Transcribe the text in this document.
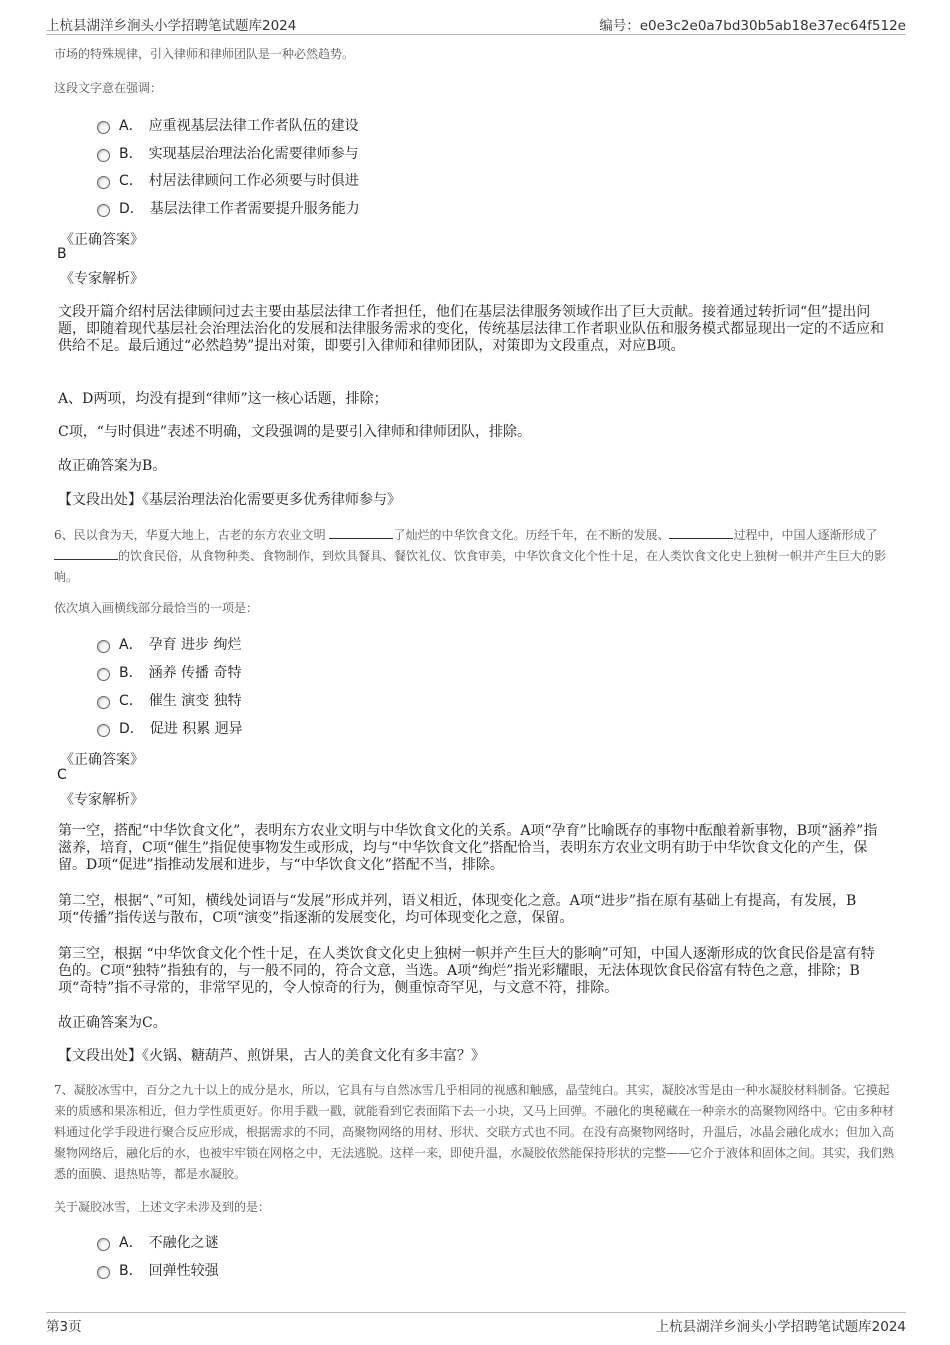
上杭县湖洋乡涧头小学招聘笔试题库2024	编号：e0e3c2e0a7bd30b5ab18e37ec64f512e

市场的特殊规律，引入律师和律师团队是一种必然趋势。

这段文字意在强调：

A． 应重视基层法律工作者队伍的建设
B． 实现基层治理法治化需要律师参与
C． 村居法律顾问工作必须要与时俱进
D． 基层法律工作者需要提升服务能力

《正确答案》

B

《专家解析》

文段开篇介绍村居法律顾问过去主要由基层法律工作者担任，他们在基层法律服务领域作出了巨大贡献。接着通过转折词“但”提出问题，即随着现代基层社会治理法治化的发展和法律服务需求的变化，传统基层法律工作者职业队伍和服务模式都显现出一定的不适应和供给不足。最后通过“必然趋势”提出对策，即要引入律师和律师团队，对策即为文段重点，对应B项。

A、D两项，均没有提到“律师”这一核心话题，排除；

C项，“与时俱进”表述不明确，文段强调的是要引入律师和律师团队，排除。

故正确答案为B。

【文段出处】《基层治理法治化需要更多优秀律师参与》

6、民以食为天，华夏大地上，古老的东方农业文明	了灿烂的中华饮食文化。历经千年，在不断的发展、	过程中，中国人逐渐形成了的饮食民俗，从食物种类、食物制作，到炊具餐具、餐饮礼仪、饮食审美，中华饮食文化个性十足，在人类饮食文化史上独树一帜并产生巨大的影响。

依次填入画横线部分最恰当的一项是：

A． 孕育 进步 绚烂
B． 涵养 传播 奇特
C． 催生 演变 独特
D． 促进 积累 迥异

《正确答案》

C

《专家解析》

第一空，搭配“中华饮食文化”，表明东方农业文明与中华饮食文化的关系。A项“孕育”比喻既存的事物中酝酿着新事物，B项“涵养”指滋养，培育，C项“催生”指促使事物发生或形成，均与“中华饮食文化”搭配恰当，表明东方农业文明有助于中华饮食文化的产生，保留。D项“促进”指推动发展和进步，与“中华饮食文化”搭配不当，排除。

第二空，根据“、”可知，横线处词语与“发展”形成并列，语义相近，体现变化之意。A项“进步”指在原有基础上有提高，有发展，B项“传播”指传送与散布，C项“演变”指逐渐的发展变化，均可体现变化之意，保留。

第三空，根据 “中华饮食文化个性十足，在人类饮食文化史上独树一帜并产生巨大的影响”可知，中国人逐渐形成的饮食民俗是富有特色的。C项“独特”指独有的，与一般不同的，符合文意，当选。A项“绚烂”指光彩耀眼，无法体现饮食民俗富有特色之意，排除；B项“奇特”指不寻常的，非常罕见的，令人惊奇的行为，侧重惊奇罕见，与文意不符，排除。

故正确答案为C。

【文段出处】《火锅、糖葫芦、煎饼果，古人的美食文化有多丰富？》

7、凝胶冰雪中，百分之九十以上的成分是水，所以，它具有与自然冰雪几乎相同的视感和触感，晶莹纯白。其实，凝胶冰雪是由一种水凝胶材料制备。它摸起来的质感和果冻相近，但力学性质更好。你用手戳一戳，就能看到它表面陷下去一小块，又马上回弹。不融化的奥秘藏在一种亲水的高聚物网络中。它由多种材料通过化学手段进行聚合反应形成，根据需求的不同，高聚物网络的用材、形状、交联方式也不同。在没有高聚物网络时，升温后，冰晶会融化成水；但加入高聚物网络后，融化后的水，也被牢牢锁在网格之中，无法逃脱。这样一来，即使升温，水凝胶依然能保持形状的完整——它介于液体和固体之间。其实，我们熟悉的面膜、退热贴等，都是水凝胶。

关于凝胶冰雪，上述文字未涉及到的是：

A． 不融化之谜
B． 回弹性较强
第3页	上杭县湖洋乡涧头小学招聘笔试题库2024
